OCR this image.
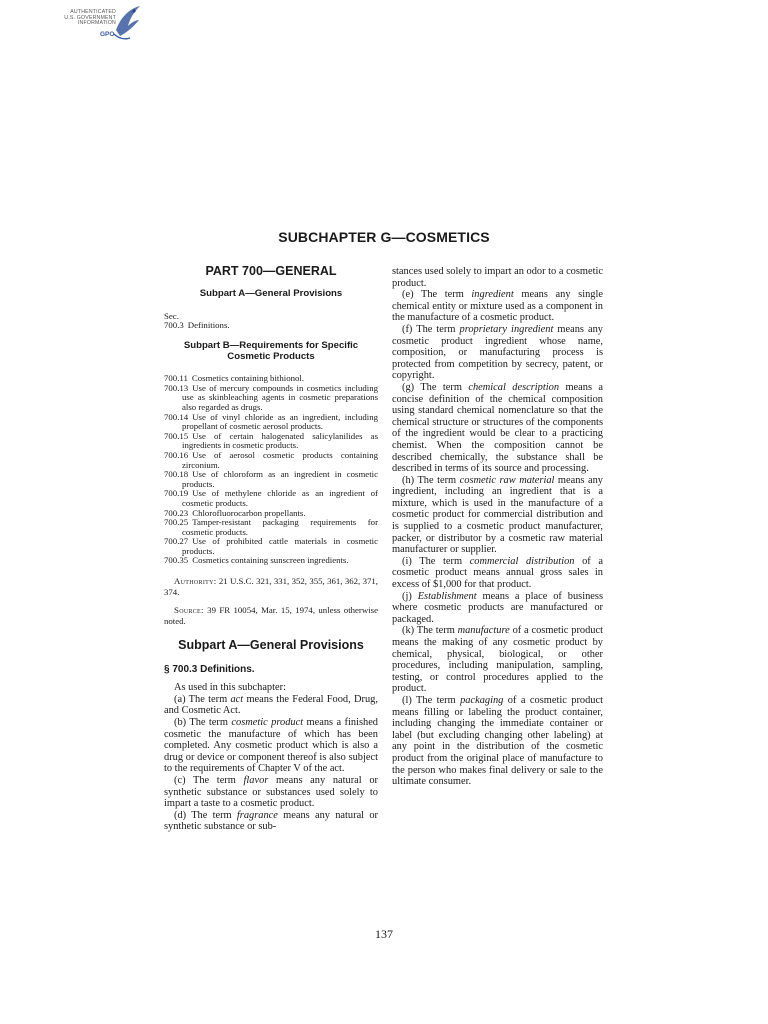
AUTHENTICATED
U.S. GOVERNMENT
INFORMATION
GPO
SUBCHAPTER G—COSMETICS
PART 700—GENERAL
Subpart A—General Provisions

Sec.

700.3 Definitions.
Subpart B—Requirements for Specific Cosmetic Products
700.11 Cosmetics containing bithionol.
700.13 Use of mercury compounds in cosmetics including use as skinbleaching agents in cosmetic preparations also regarded as drugs.
700.14 Use of vinyl chloride as an ingredient, including propellant of cosmetic aerosol products.
700.15 Use of certain halogenated salicylanilides as ingredients in cosmetic products.
700.16 Use of aerosol cosmetic products containing zirconium.
700.18 Use of chloroform as an ingredient in cosmetic products.
700.19 Use of methylene chloride as an ingredient of cosmetic products.
700.23 Chlorofluorocarbon propellants.
700.25 Tamper-resistant packaging requirements for cosmetic products.
700.27 Use of prohibited cattle materials in cosmetic products.
700.35 Cosmetics containing sunscreen ingredients.

Authority: 21 U.S.C. 321, 331, 352, 355, 361, 362, 371, 374.

Source: 39 FR 10054, Mar. 15, 1974, unless otherwise noted.

Subpart A—General Provisions
§ 700.3 Definitions.

As used in this subchapter:

(a) The term act means the Federal Food, Drug, and Cosmetic Act.

(b) The term cosmetic product means a finished cosmetic the manufacture of which has been completed. Any cosmetic product which is also a drug or device or component thereof is also subject to the requirements of Chapter V of the act.

(c) The term flavor means any natural or synthetic substance or substances used solely to impart a taste to a cosmetic product.

(d) The term fragrance means any natural or synthetic substance or sub-

stances used solely to impart an odor to a cosmetic product.

(e) The term ingredient means any single chemical entity or mixture used as a component in the manufacture of a cosmetic product.

(f) The term proprietary ingredient means any cosmetic product ingredient whose name, composition, or manufacturing process is protected from competition by secrecy, patent, or copyright.

(g) The term chemical description means a concise definition of the chemical composition using standard chemical nomenclature so that the chemical structure or structures of the components of the ingredient would be clear to a practicing chemist. When the composition cannot be described chemically, the substance shall be described in terms of its source and processing.

(h) The term cosmetic raw material means any ingredient, including an ingredient that is a mixture, which is used in the manufacture of a cosmetic product for commercial distribution and is supplied to a cosmetic product manufacturer, packer, or distributor by a cosmetic raw material manufacturer or supplier.

(i) The term commercial distribution of a cosmetic product means annual gross sales in excess of $1,000 for that product.

(j) Establishment means a place of business where cosmetic products are manufactured or packaged.

(k) The term manufacture of a cosmetic product means the making of any cosmetic product by chemical, physical, biological, or other procedures, including manipulation, sampling, testing, or control procedures applied to the product.

(l) The term packaging of a cosmetic product means filling or labeling the product container, including changing the immediate container or label (but excluding changing other labeling) at any point in the distribution of the cosmetic product from the original place of manufacture to the person who makes final delivery or sale to the ultimate consumer.

137
